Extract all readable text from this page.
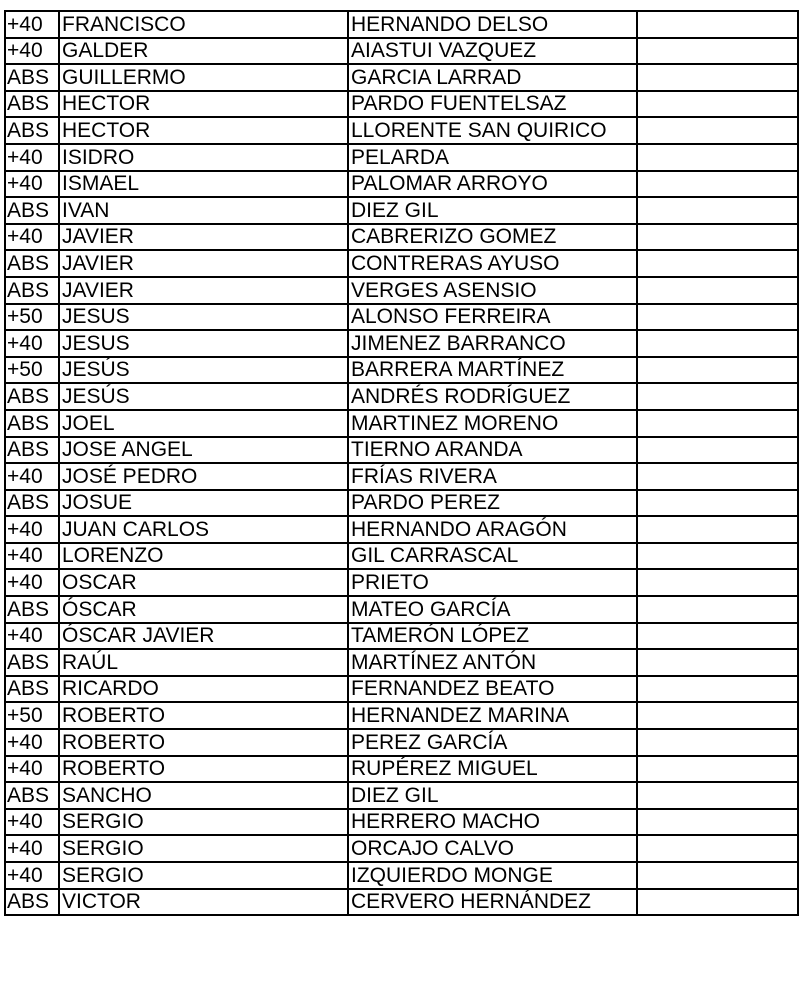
+40	FRANCISCO	HERNANDO DELSO	
+40	GALDER	AIASTUI VAZQUEZ	
ABS	GUILLERMO	GARCIA LARRAD	
ABS	HECTOR	PARDO FUENTELSAZ	
ABS	HECTOR	LLORENTE SAN QUIRICO	
+40	ISIDRO	PELARDA	
+40	ISMAEL	PALOMAR ARROYO	
ABS	IVAN	DIEZ GIL	
+40	JAVIER	CABRERIZO GOMEZ	
ABS	JAVIER	CONTRERAS AYUSO	
ABS	JAVIER	VERGES ASENSIO	
+50	JESUS	ALONSO FERREIRA	
+40	JESUS	JIMENEZ BARRANCO	
+50	JESÚS	BARRERA MARTÍNEZ	
ABS	JESÚS	ANDRÉS RODRÍGUEZ	
ABS	JOEL	MARTINEZ MORENO	
ABS	JOSE ANGEL	TIERNO ARANDA	
+40	JOSÉ PEDRO	FRÍAS RIVERA	
ABS	JOSUE	PARDO PEREZ	
+40	JUAN CARLOS	HERNANDO ARAGÓN	
+40	LORENZO	GIL CARRASCAL	
+40	OSCAR	PRIETO	
ABS	ÓSCAR	MATEO GARCÍA	
+40	ÓSCAR JAVIER	TAMERÓN LÓPEZ	
ABS	RAÚL	MARTÍNEZ ANTÓN	
ABS	RICARDO	FERNANDEZ BEATO	
+50	ROBERTO	HERNANDEZ MARINA	
+40	ROBERTO	PEREZ GARCÍA	
+40	ROBERTO	RUPÉREZ MIGUEL	
ABS	SANCHO	DIEZ GIL	
+40	SERGIO	HERRERO MACHO	
+40	SERGIO	ORCAJO CALVO	
+40	SERGIO	IZQUIERDO MONGE	
ABS	VICTOR	CERVERO HERNÁNDEZ	
